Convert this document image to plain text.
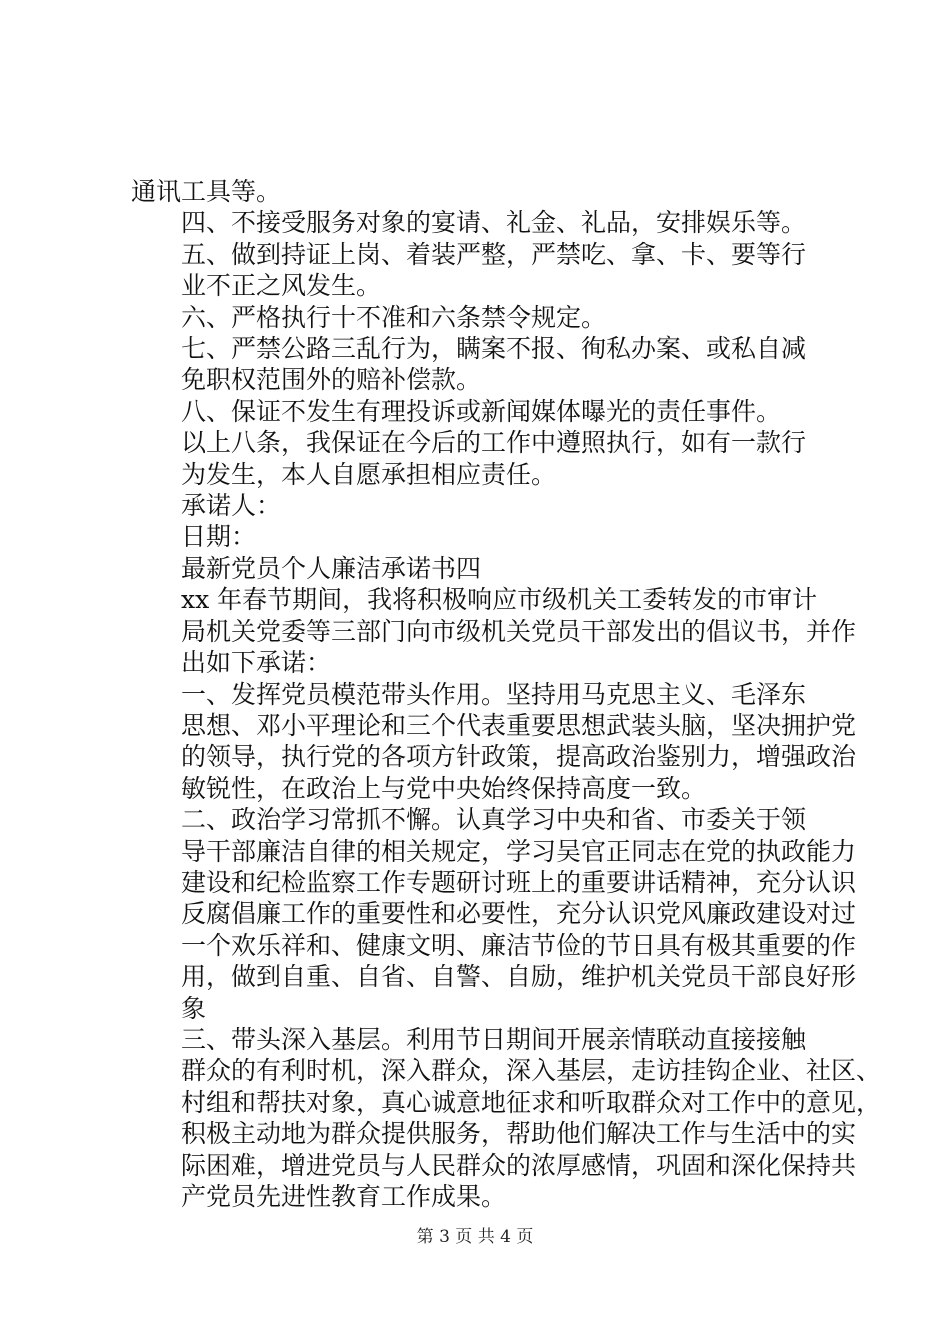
通讯工具等。

四、不接受服务对象的宴请、礼金、礼品，安排娱乐等。

五、做到持证上岗、着装严整，严禁吃、拿、卡、要等行
业不正之风发生。

六、严格执行十不准和六条禁令规定。

七、严禁公路三乱行为，瞒案不报、徇私办案、或私自减
免职权范围外的赔补偿款。

八、保证不发生有理投诉或新闻媒体曝光的责任事件。

以上八条，我保证在今后的工作中遵照执行，如有一款行
为发生，本人自愿承担相应责任。

承诺人：

日期：

最新党员个人廉洁承诺书四

xx 年春节期间，我将积极响应市级机关工委转发的市审计
局机关党委等三部门向市级机关党员干部发出的倡议书，并作
出如下承诺：

一、发挥党员模范带头作用。坚持用马克思主义、毛泽东
思想、邓小平理论和三个代表重要思想武装头脑，坚决拥护党
的领导，执行党的各项方针政策，提高政治鉴别力，增强政治
敏锐性，在政治上与党中央始终保持高度一致。

二、政治学习常抓不懈。认真学习中央和省、市委关于领
导干部廉洁自律的相关规定，学习吴官正同志在党的执政能力
建设和纪检监察工作专题研讨班上的重要讲话精神，充分认识
反腐倡廉工作的重要性和必要性，充分认识党风廉政建设对过
一个欢乐祥和、健康文明、廉洁节俭的节日具有极其重要的作
用，做到自重、自省、自警、自励，维护机关党员干部良好形
象

三、带头深入基层。利用节日期间开展亲情联动直接接触
群众的有利时机，深入群众，深入基层，走访挂钩企业、社区、
村组和帮扶对象，真心诚意地征求和听取群众对工作中的意见，
积极主动地为群众提供服务，帮助他们解决工作与生活中的实
际困难，增进党员与人民群众的浓厚感情，巩固和深化保持共
产党员先进性教育工作成果。

第 3 页 共 4 页
